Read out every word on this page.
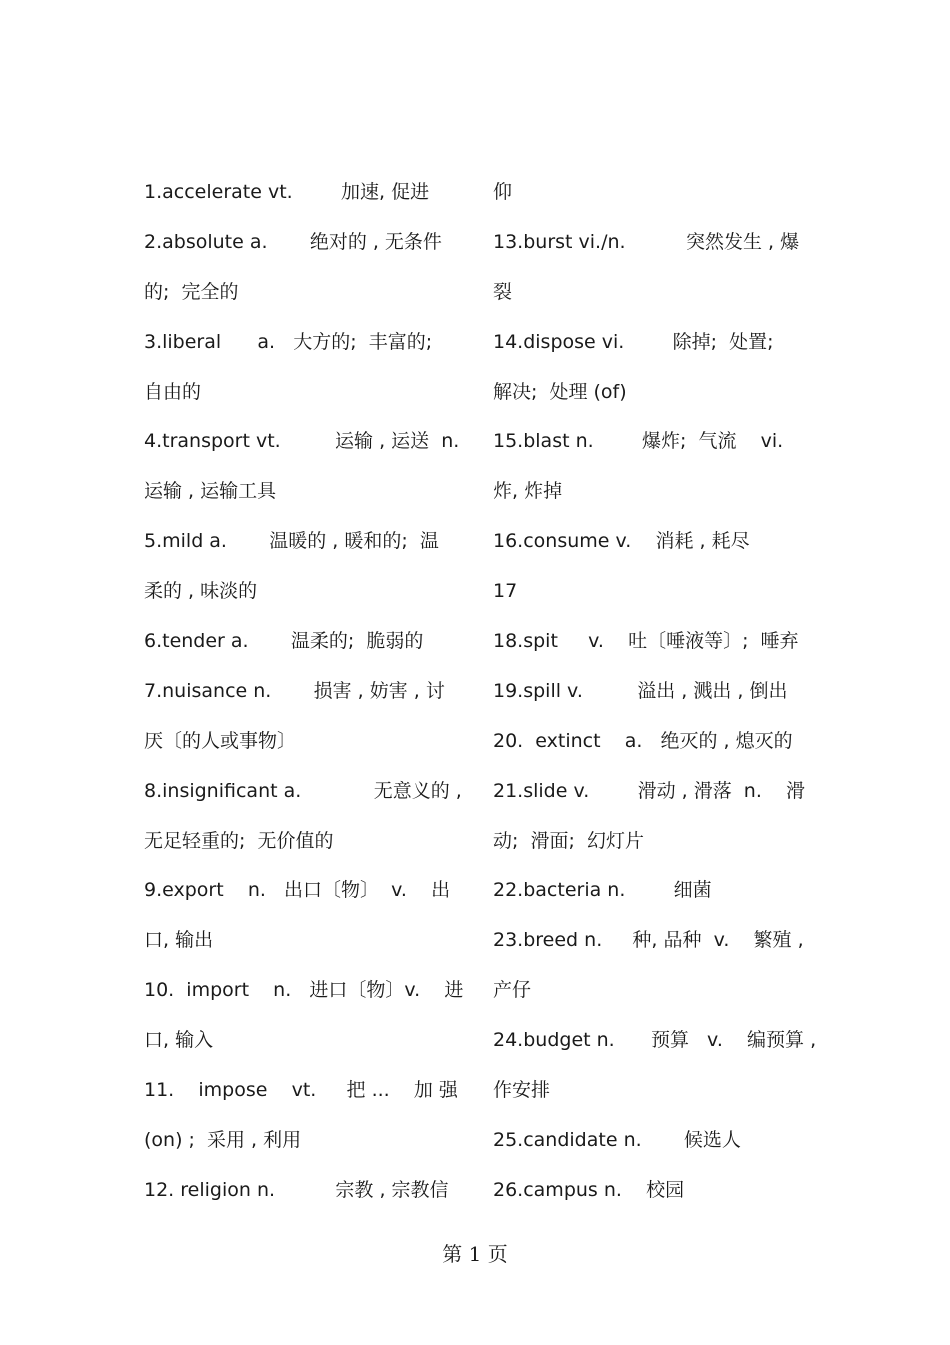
1.accelerate vt.        加速, 促进
2.absolute a.       绝对的 , 无条件
的;  完全的
3.liberal      a.   大方的;  丰富的;
自由的
4.transport vt.         运输 , 运送  n.
运输 , 运输工具
5.mild a.       温暖的 , 暖和的;  温
柔的 , 味淡的
6.tender a.       温柔的;  脆弱的
7.nuisance n.       损害 , 妨害 , 讨
厌〔的人或事物〕
8.insignificant a.            无意义的 ,
无足轻重的;  无价值的
9.export    n.   出口〔物〕  v.    出
口, 输出
10.  import    n.   进口〔物〕v.    进
口, 输入
11.    impose    vt.     把 ...    加 强
(on) ;  采用 , 利用
12. religion n.          宗教 , 宗教信
仰
13.burst vi./n.          突然发生 , 爆
裂
14.dispose vi.        除掉;  处置;
解决;  处理 (of)
15.blast n.        爆炸;  气流    vi.
炸, 炸掉
16.consume v.    消耗 , 耗尽
17
18.spit     v.    吐〔唾液等〕;  唾弃
19.spill v.         溢出 , 溅出 , 倒出
20.  extinct    a.   绝灭的 , 熄灭的
21.slide v.        滑动 , 滑落  n.    滑
动;  滑面;  幻灯片
22.bacteria n.        细菌
23.breed n.     种, 品种  v.    繁殖 ,
产仔
24.budget n.      预算   v.    编预算 ,
作安排
25.candidate n.       候选人
26.campus n.    校园
第 1 页
